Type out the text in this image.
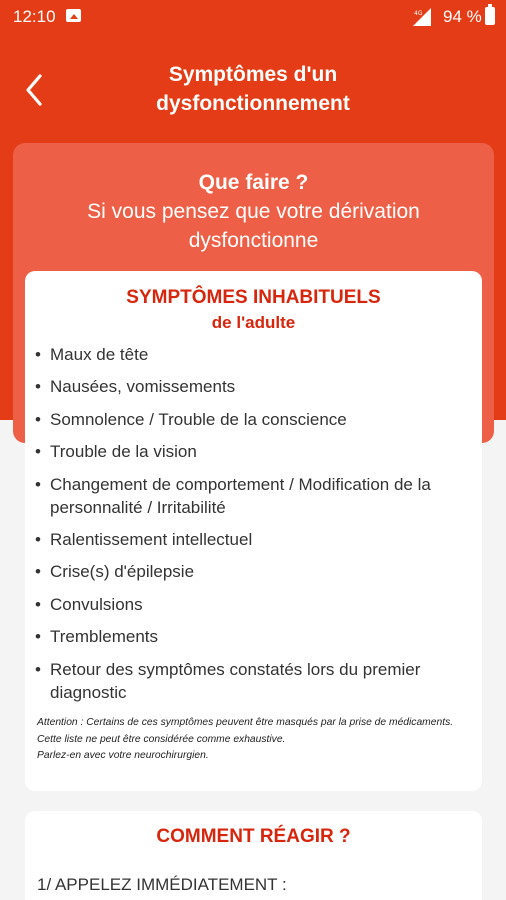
12:10	4G 94 %
Symptômes d'un dysfonctionnement
Que faire ?
Si vous pensez que votre dérivation dysfonctionne
SYMPTÔMES INHABITUELS
de l'adulte
• Maux de tête
• Nausées, vomissements
• Somnolence / Trouble de la conscience
• Trouble de la vision
• Changement de comportement / Modification de la personnalité / Irritabilité
• Ralentissement intellectuel
• Crise(s) d'épilepsie
• Convulsions
• Tremblements
• Retour des symptômes constatés lors du premier diagnostic
Attention : Certains de ces symptômes peuvent être masqués par la prise de médicaments.
Cette liste ne peut être considérée comme exhaustive.
Parlez-en avec votre neurochirurgien.
COMMENT RÉAGIR ?
1/ APPELEZ IMMÉDIATEMENT :
